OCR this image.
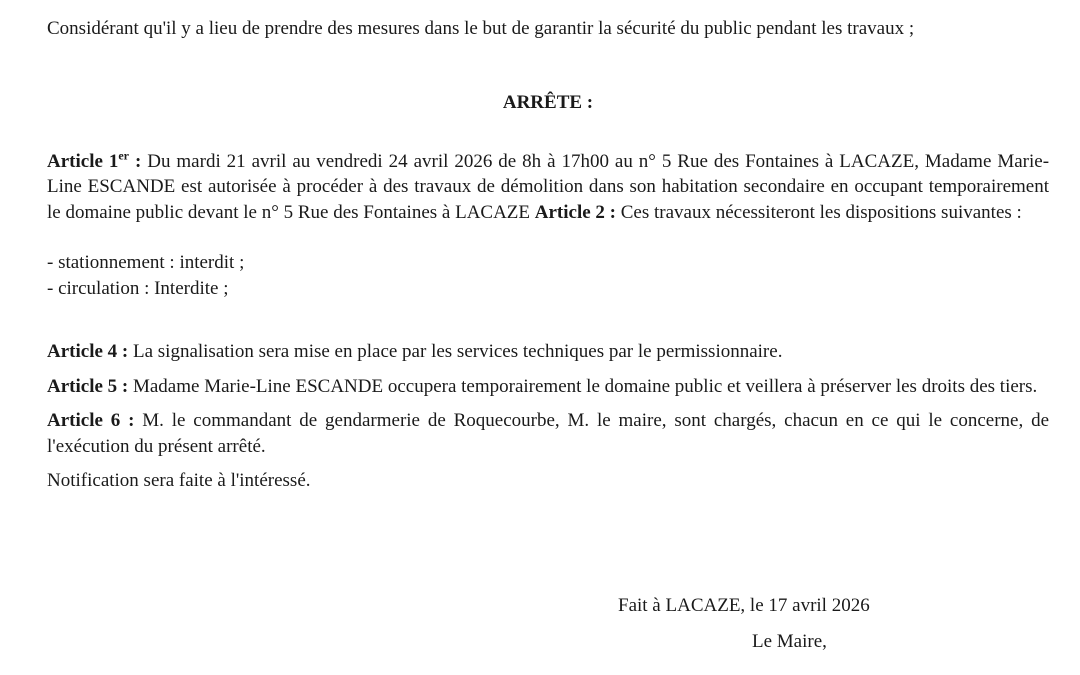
Considérant qu'il y a lieu de prendre des mesures dans le but de garantir la sécurité du public pendant les travaux ;

ARRÊTE :

Article 1er : Du mardi 21 avril au vendredi 24 avril 2026 de 8h à 17h00 au n° 5 Rue des Fontaines à LACAZE, Madame Marie-Line ESCANDE est autorisée à procéder à des travaux de démolition dans son habitation secondaire en occupant temporairement le domaine public devant le n° 5 Rue des Fontaines à LACAZE Article 2 : Ces travaux nécessiteront les dispositions suivantes :

- stationnement : interdit ;
- circulation : Interdite ;

Article 4 : La signalisation sera mise en place par les services techniques par le permissionnaire.

Article 5 : Madame Marie-Line ESCANDE occupera temporairement le domaine public et veillera à préserver les droits des tiers.

Article 6 : M. le commandant de gendarmerie de Roquecourbe, M. le maire, sont chargés, chacun en ce qui le concerne, de l'exécution du présent arrêté.

Notification sera faite à l'intéressé.

Fait à LACAZE, le 17 avril 2026
Le Maire,
